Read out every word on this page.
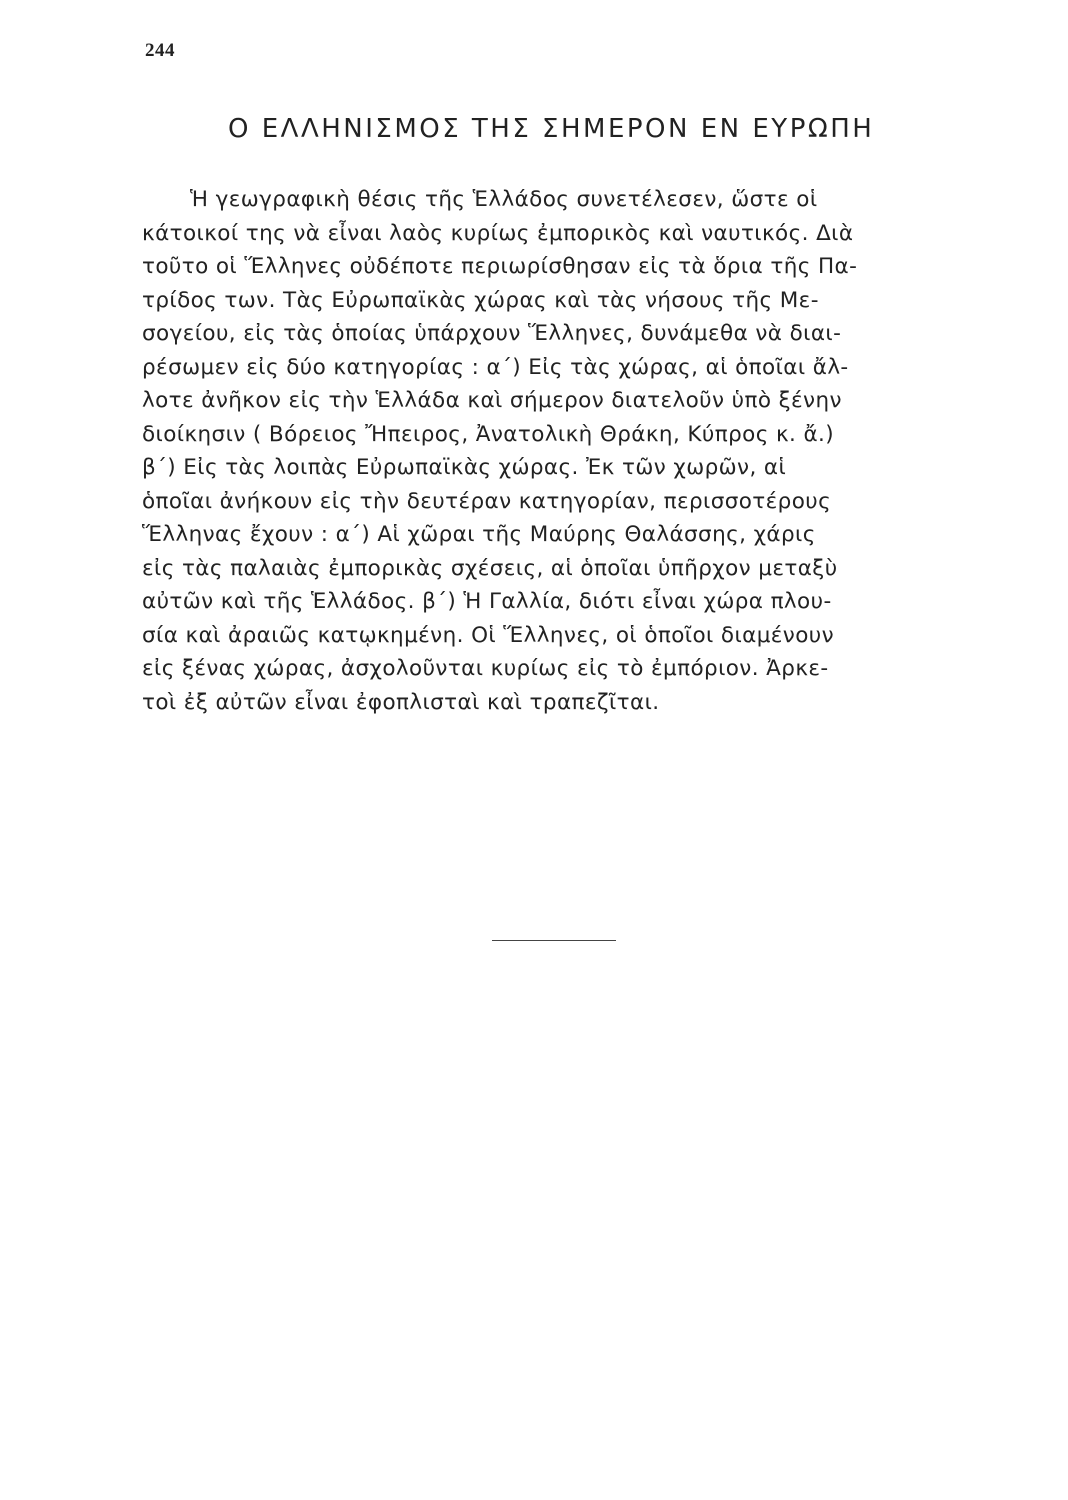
244
Ο ΕΛΛΗΝΙΣΜΟΣ ΤΗΣ ΣΗΜΕΡΟΝ ΕΝ ΕΥΡΩΠΗ
Ἡ γεωγραφικὴ θέσις τῆς Ἑλλάδος συνετέλεσεν, ὥστε οἱ
κάτοικοί της νὰ εἶναι λαὸς κυρίως ἐμπορικὸς καὶ ναυτικός. Διὰ
τοῦτο οἱ Ἕλληνες οὐδέποτε περιωρίσθησαν εἰς τὰ ὅρια τῆς Πα-
τρίδος των. Τὰς Εὐρωπαϊκὰς χώρας καὶ τὰς νήσους τῆς Με-
σογείου, εἰς τὰς ὁποίας ὑπάρχουν Ἕλληνες, δυνάμεθα νὰ διαι-
ρέσωμεν εἰς δύο κατηγορίας : α΄) Εἰς τὰς χώρας, αἱ ὁποῖαι ἄλ-
λοτε ἀνῆκον εἰς τὴν Ἑλλάδα καὶ σήμερον διατελοῦν ὑπὸ ξένην
διοίκησιν ( Βόρειος Ἤπειρος, Ἀνατολικὴ Θράκη, Κύπρος κ. ἄ.)
β΄) Εἰς τὰς λοιπὰς Εὐρωπαϊκὰς χώρας. Ἐκ τῶν χωρῶν, αἱ
ὁποῖαι ἀνήκουν εἰς τὴν δευτέραν κατηγορίαν, περισσοτέρους
Ἕλληνας ἔχουν : α΄) Αἱ χῶραι τῆς Μαύρης Θαλάσσης, χάρις
εἰς τὰς παλαιὰς ἐμπορικὰς σχέσεις, αἱ ὁποῖαι ὑπῆρχον μεταξὺ
αὐτῶν καὶ τῆς Ἑλλάδος. β΄) Ἡ Γαλλία, διότι εἶναι χώρα πλου-
σία καὶ ἀραιῶς κατῳκημένη. Οἱ Ἕλληνες, οἱ ὁποῖοι διαμένουν
εἰς ξένας χώρας, ἀσχολοῦνται κυρίως εἰς τὸ ἐμπόριον. Ἀρκε-
τοὶ ἐξ αὐτῶν εἶναι ἐφοπλισταὶ καὶ τραπεζῖται.
